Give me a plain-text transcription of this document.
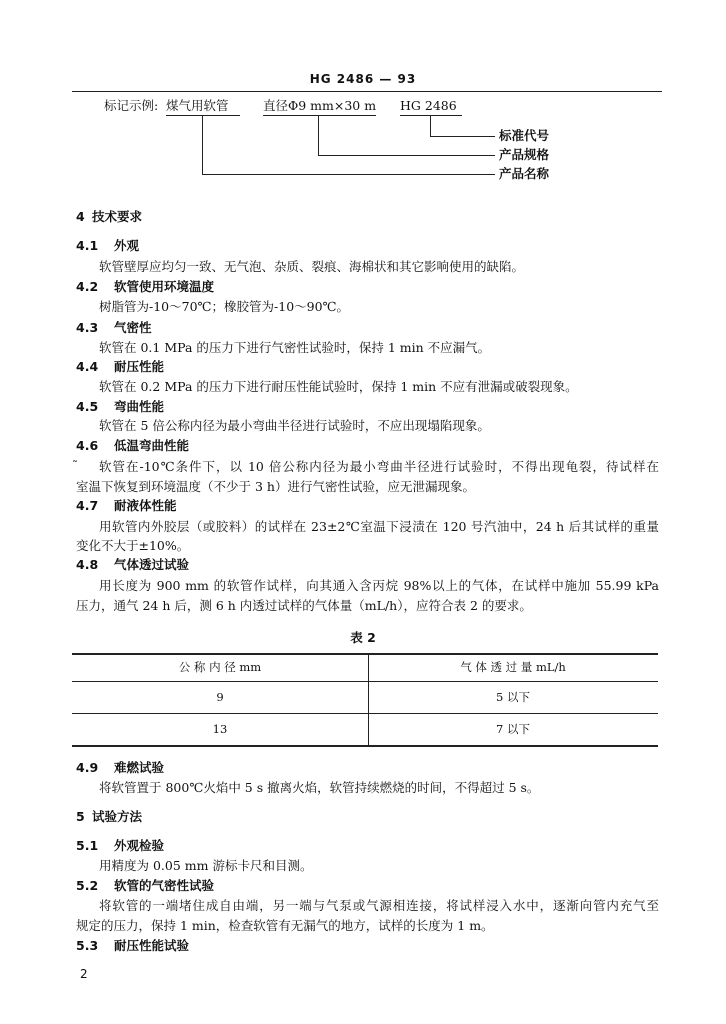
HG 2486 — 93
标记示例: 煤气用软管	直径Φ9 mm×30 m HG 2486
标准代号
产品规格
产品名称
4 技术要求
4.1 外观
软管壁厚应均匀一致、无气泡、杂质、裂痕、海棉状和其它影响使用的缺陷。
4.2 软管使用环境温度
树脂管为-10～70℃；橡胶管为-10～90℃。
4.3 气密性
软管在 0.1 MPa 的压力下进行气密性试验时，保持 1 min 不应漏气。
4.4 耐压性能
软管在 0.2 MPa 的压力下进行耐压性能试验时，保持 1 min 不应有泄漏或破裂现象。
4.5 弯曲性能
软管在 5 倍公称内径为最小弯曲半径进行试验时，不应出现塌陷现象。
4.6 低温弯曲性能
˜ 软管在-10℃条件下，以 10 倍公称内径为最小弯曲半径进行试验时，不得出现龟裂，待试样在
室温下恢复到环境温度（不少于 3 h）进行气密性试验，应无泄漏现象。
4.7 耐液体性能
用软管内外胶层（或胶料）的试样在 23±2℃室温下浸渍在 120 号汽油中，24 h 后其试样的重量
变化不大于±10%。
4.8 气体透过试验
用长度为 900 mm 的软管作试样，向其通入含丙烷 98%以上的气体，在试样中施加 55.99 kPa
压力，通气 24 h 后，测 6 h 内透过试样的气体量（mL/h），应符合表 2 的要求。
表 2
公 称 内 径 mm	气 体 透 过 量 mL/h
9	5 以下
13	7 以下
4.9 难燃试验
将软管置于 800℃火焰中 5 s 撤离火焰，软管持续燃烧的时间，不得超过 5 s。
5 试验方法
5.1 外观检验
用精度为 0.05 mm 游标卡尺和目测。
5.2 软管的气密性试验
将软管的一端堵住成自由端，另一端与气泵或气源相连接，将试样浸入水中，逐渐向管内充气至
规定的压力，保持 1 min，检查软管有无漏气的地方，试样的长度为 1 m。
5.3 耐压性能试验
2
